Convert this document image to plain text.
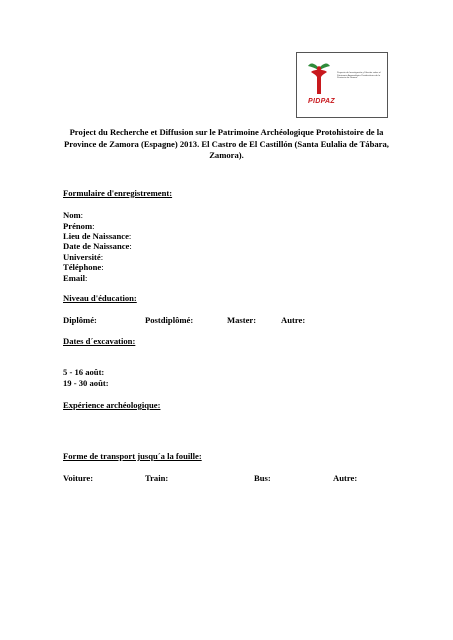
Proyecto de Investigación y Difusión sobre el Patrimonio Arqueológico Protohistórico de la Provincia de Zamora
PIDPAZ
Project du Recherche et Diffusion sur le Patrimoine Archéologique Protohistoire de la Province de Zamora (Espagne) 2013. El Castro de El Castillón (Santa Eulalia de Tábara, Zamora).
Formulaire d'enregistrement:
Nom:
Prénom:
Lieu de Naissance:
Date de Naissance:
Université:
Téléphone:
Email:
Niveau d'éducation:
Diplômé:	Postdiplômé:	Master:	Autre:
Dates d´excavation:
5 - 16 août:
19 - 30 août:
Expérience archéologique:
Forme de transport jusqu´a la fouille:
Voiture:	Train:	Bus:	Autre:
